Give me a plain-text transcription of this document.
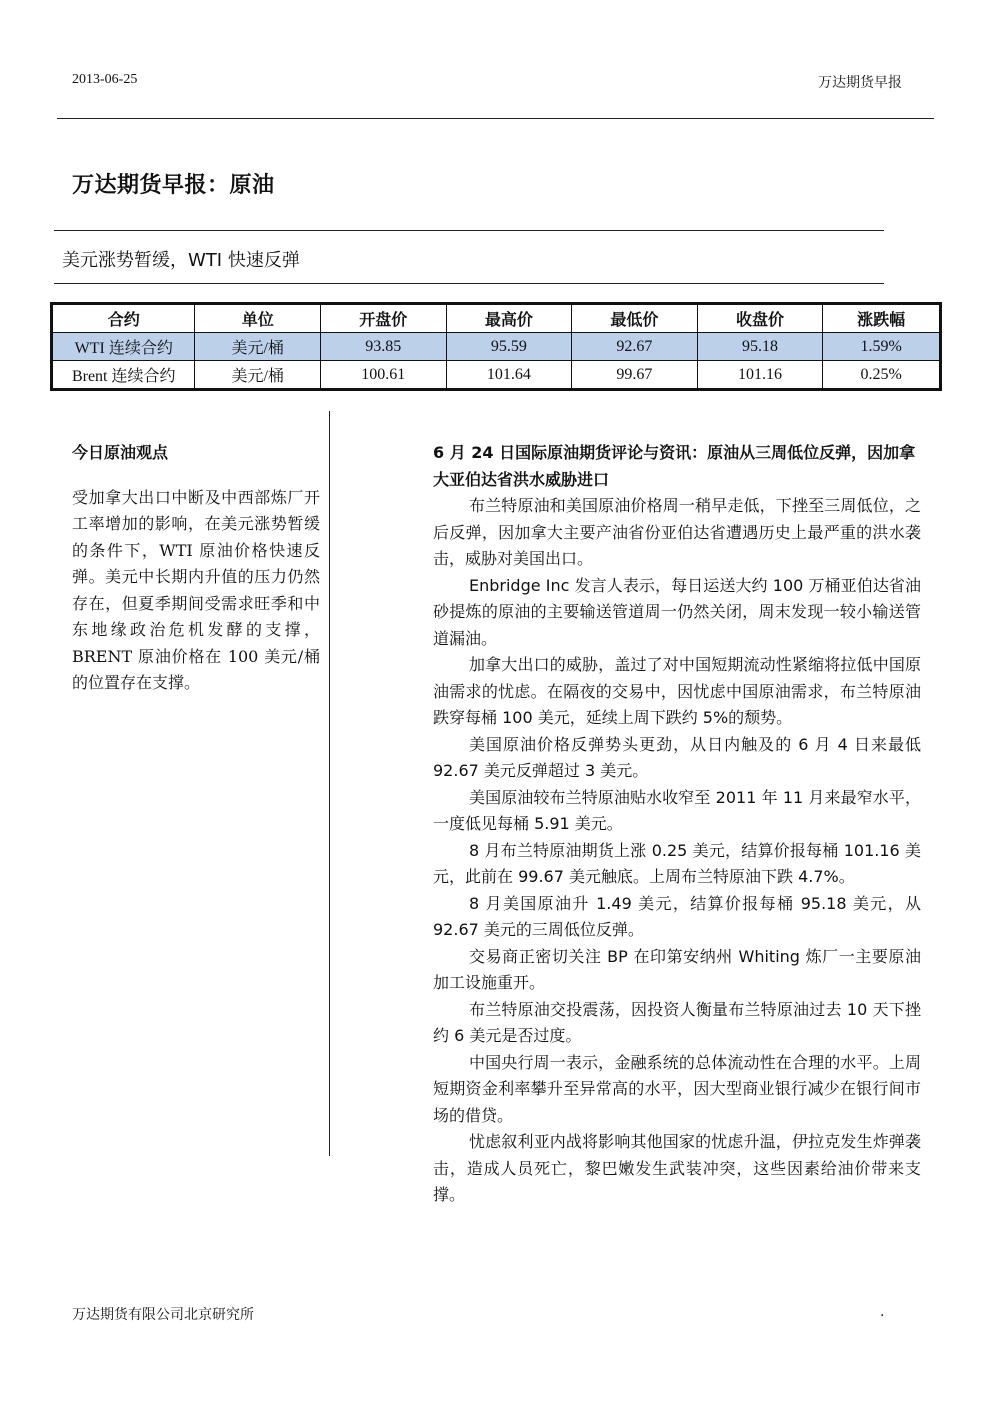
2013-06-25	万达期货早报
万达期货早报：原油
美元涨势暂缓，WTI 快速反弹
合约	单位	开盘价	最高价	最低价	收盘价	涨跌幅
WTI 连续合约	美元/桶	93.85	95.59	92.67	95.18	1.59%
Brent 连续合约	美元/桶	100.61	101.64	99.67	101.16	0.25%
今日原油观点
受加拿大出口中断及中西部炼厂开工率增加的影响，在美元涨势暂缓的条件下，WTI 原油价格快速反弹。美元中长期内升值的压力仍然存在，但夏季期间受需求旺季和中东地缘政治危机发酵的支撑，BRENT 原油价格在 100 美元/桶的位置存在支撑。
6 月 24 日国际原油期货评论与资讯：原油从三周低位反弹，因加拿大亚伯达省洪水威胁进口

布兰特原油和美国原油价格周一稍早走低，下挫至三周低位，之后反弹，因加拿大主要产油省份亚伯达省遭遇历史上最严重的洪水袭击，威胁对美国出口。

Enbridge Inc 发言人表示，每日运送大约 100 万桶亚伯达省油砂提炼的原油的主要输送管道周一仍然关闭，周末发现一较小输送管道漏油。

加拿大出口的威胁，盖过了对中国短期流动性紧缩将拉低中国原油需求的忧虑。在隔夜的交易中，因忧虑中国原油需求，布兰特原油跌穿每桶 100 美元，延续上周下跌约 5%的颓势。

美国原油价格反弹势头更劲，从日内触及的 6 月 4 日来最低 92.67 美元反弹超过 3 美元。

美国原油较布兰特原油贴水收窄至 2011 年 11 月来最窄水平，一度低见每桶 5.91 美元。

8 月布兰特原油期货上涨 0.25 美元，结算价报每桶 101.16 美元，此前在 99.67 美元触底。上周布兰特原油下跌 4.7%。

8 月美国原油升 1.49 美元，结算价报每桶 95.18 美元，从 92.67 美元的三周低位反弹。

交易商正密切关注 BP 在印第安纳州 Whiting 炼厂一主要原油加工设施重开。

布兰特原油交投震荡，因投资人衡量布兰特原油过去 10 天下挫约 6 美元是否过度。

中国央行周一表示，金融系统的总体流动性在合理的水平。上周短期资金利率攀升至异常高的水平，因大型商业银行减少在银行间市场的借贷。

忧虑叙利亚内战将影响其他国家的忧虑升温，伊拉克发生炸弹袭击，造成人员死亡，黎巴嫩发生武装冲突，这些因素给油价带来支撑。

万达期货有限公司北京研究所	.
